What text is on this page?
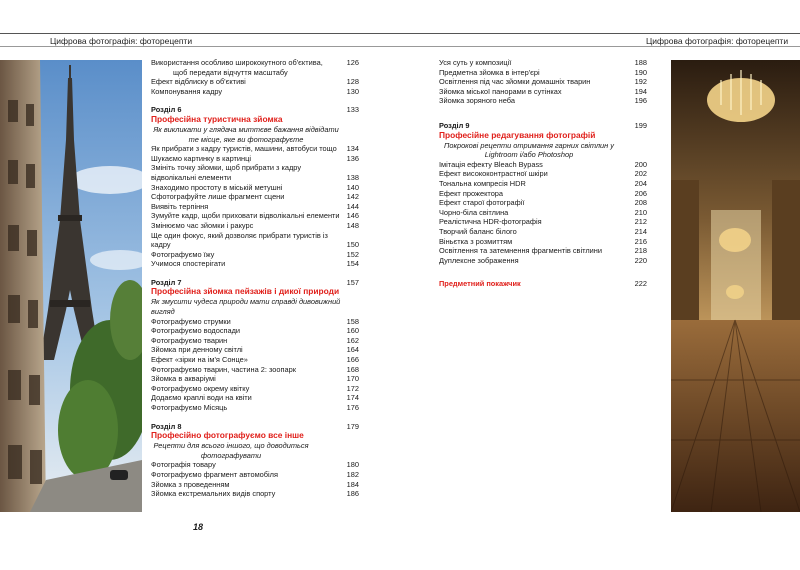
Цифрова фотографія: фоторецепти	Цифрова фотографія: фоторецепти
Використання особливо ширококутного об'єктива,	126
щоб передати відчуття масштабу
Ефект відблиску в об'єктиві	128
Компонування кадру	130
Розділ 6	133
Професійна туристична зйомка
Як викликати у глядача миттєве бажання відвідати те місце, яке ви фотографуєте
Як прибрати з кадру туристів, машини, автобуси тощо 134
Шукаємо картинку в картинці	136
Змініть точку зйомки, щоб прибрати з кадру відволікальні елементи	138
Знаходимо простоту в міській метушні	140
Сфотографуйте лише фрагмент сцени	142
Виявіть терпіння	144
Зумуйте кадр, щоби приховати відволікальні елементи 146
Змінюємо час зйомки і ракурс	148
Ще один фокус, який дозволяє прибрати туристів із кадру	150
Фотографуємо їжу	152
Учимося спостерігати	154
Розділ 7	157
Професійна зйомка пейзажів і дикої природи
Як змусити чудеса природи мати справді дивовижний вигляд
Фотографуємо струмки	158
Фотографуємо водоспади	160
Фотографуємо тварин	162
Зйомка при денному світлі	164
Ефект «зірки на ім'я Сонце»	166
Фотографуємо тварин, частина 2: зоопарк	168
Зйомка в акваріумі	170
Фотографуємо окрему квітку	172
Додаємо краплі води на квіти	174
Фотографуємо Місяць	176
Розділ 8	179
Професійно фотографуємо все інше
Рецепти для всього іншого, що доводиться фотографувати
Фотографія товару	180
Фотографуємо фрагмент автомобіля	182
Зйомка з проведенням	184
Зйомка екстремальних видів спорту	186
Уся суть у композиції	188
Предметна зйомка в інтер'єрі	190
Освітлення під час зйомки домашніх тварин	192
Зйомка міської панорами в сутінках	194
Зйомка зоряного неба	196
Розділ 9	199
Професійне редагування фотографій
Покрокові рецепти отримання гарних світлин у Lightroom і/або Photoshop
Імітація ефекту Bleach Bypass	200
Ефект висококонтрастної шкіри	202
Тональна компресія HDR	204
Ефект прожектора	206
Ефект старої фотографії	208
Чорно-біла світлина	210
Реалістична HDR-фотографія	212
Творчий баланс білого	214
Віньєтка з розмиттям	216
Освітлення та затемнення фрагментів світлини	218
Дуплексне зображення	220
Предметний покажчик	222
18
